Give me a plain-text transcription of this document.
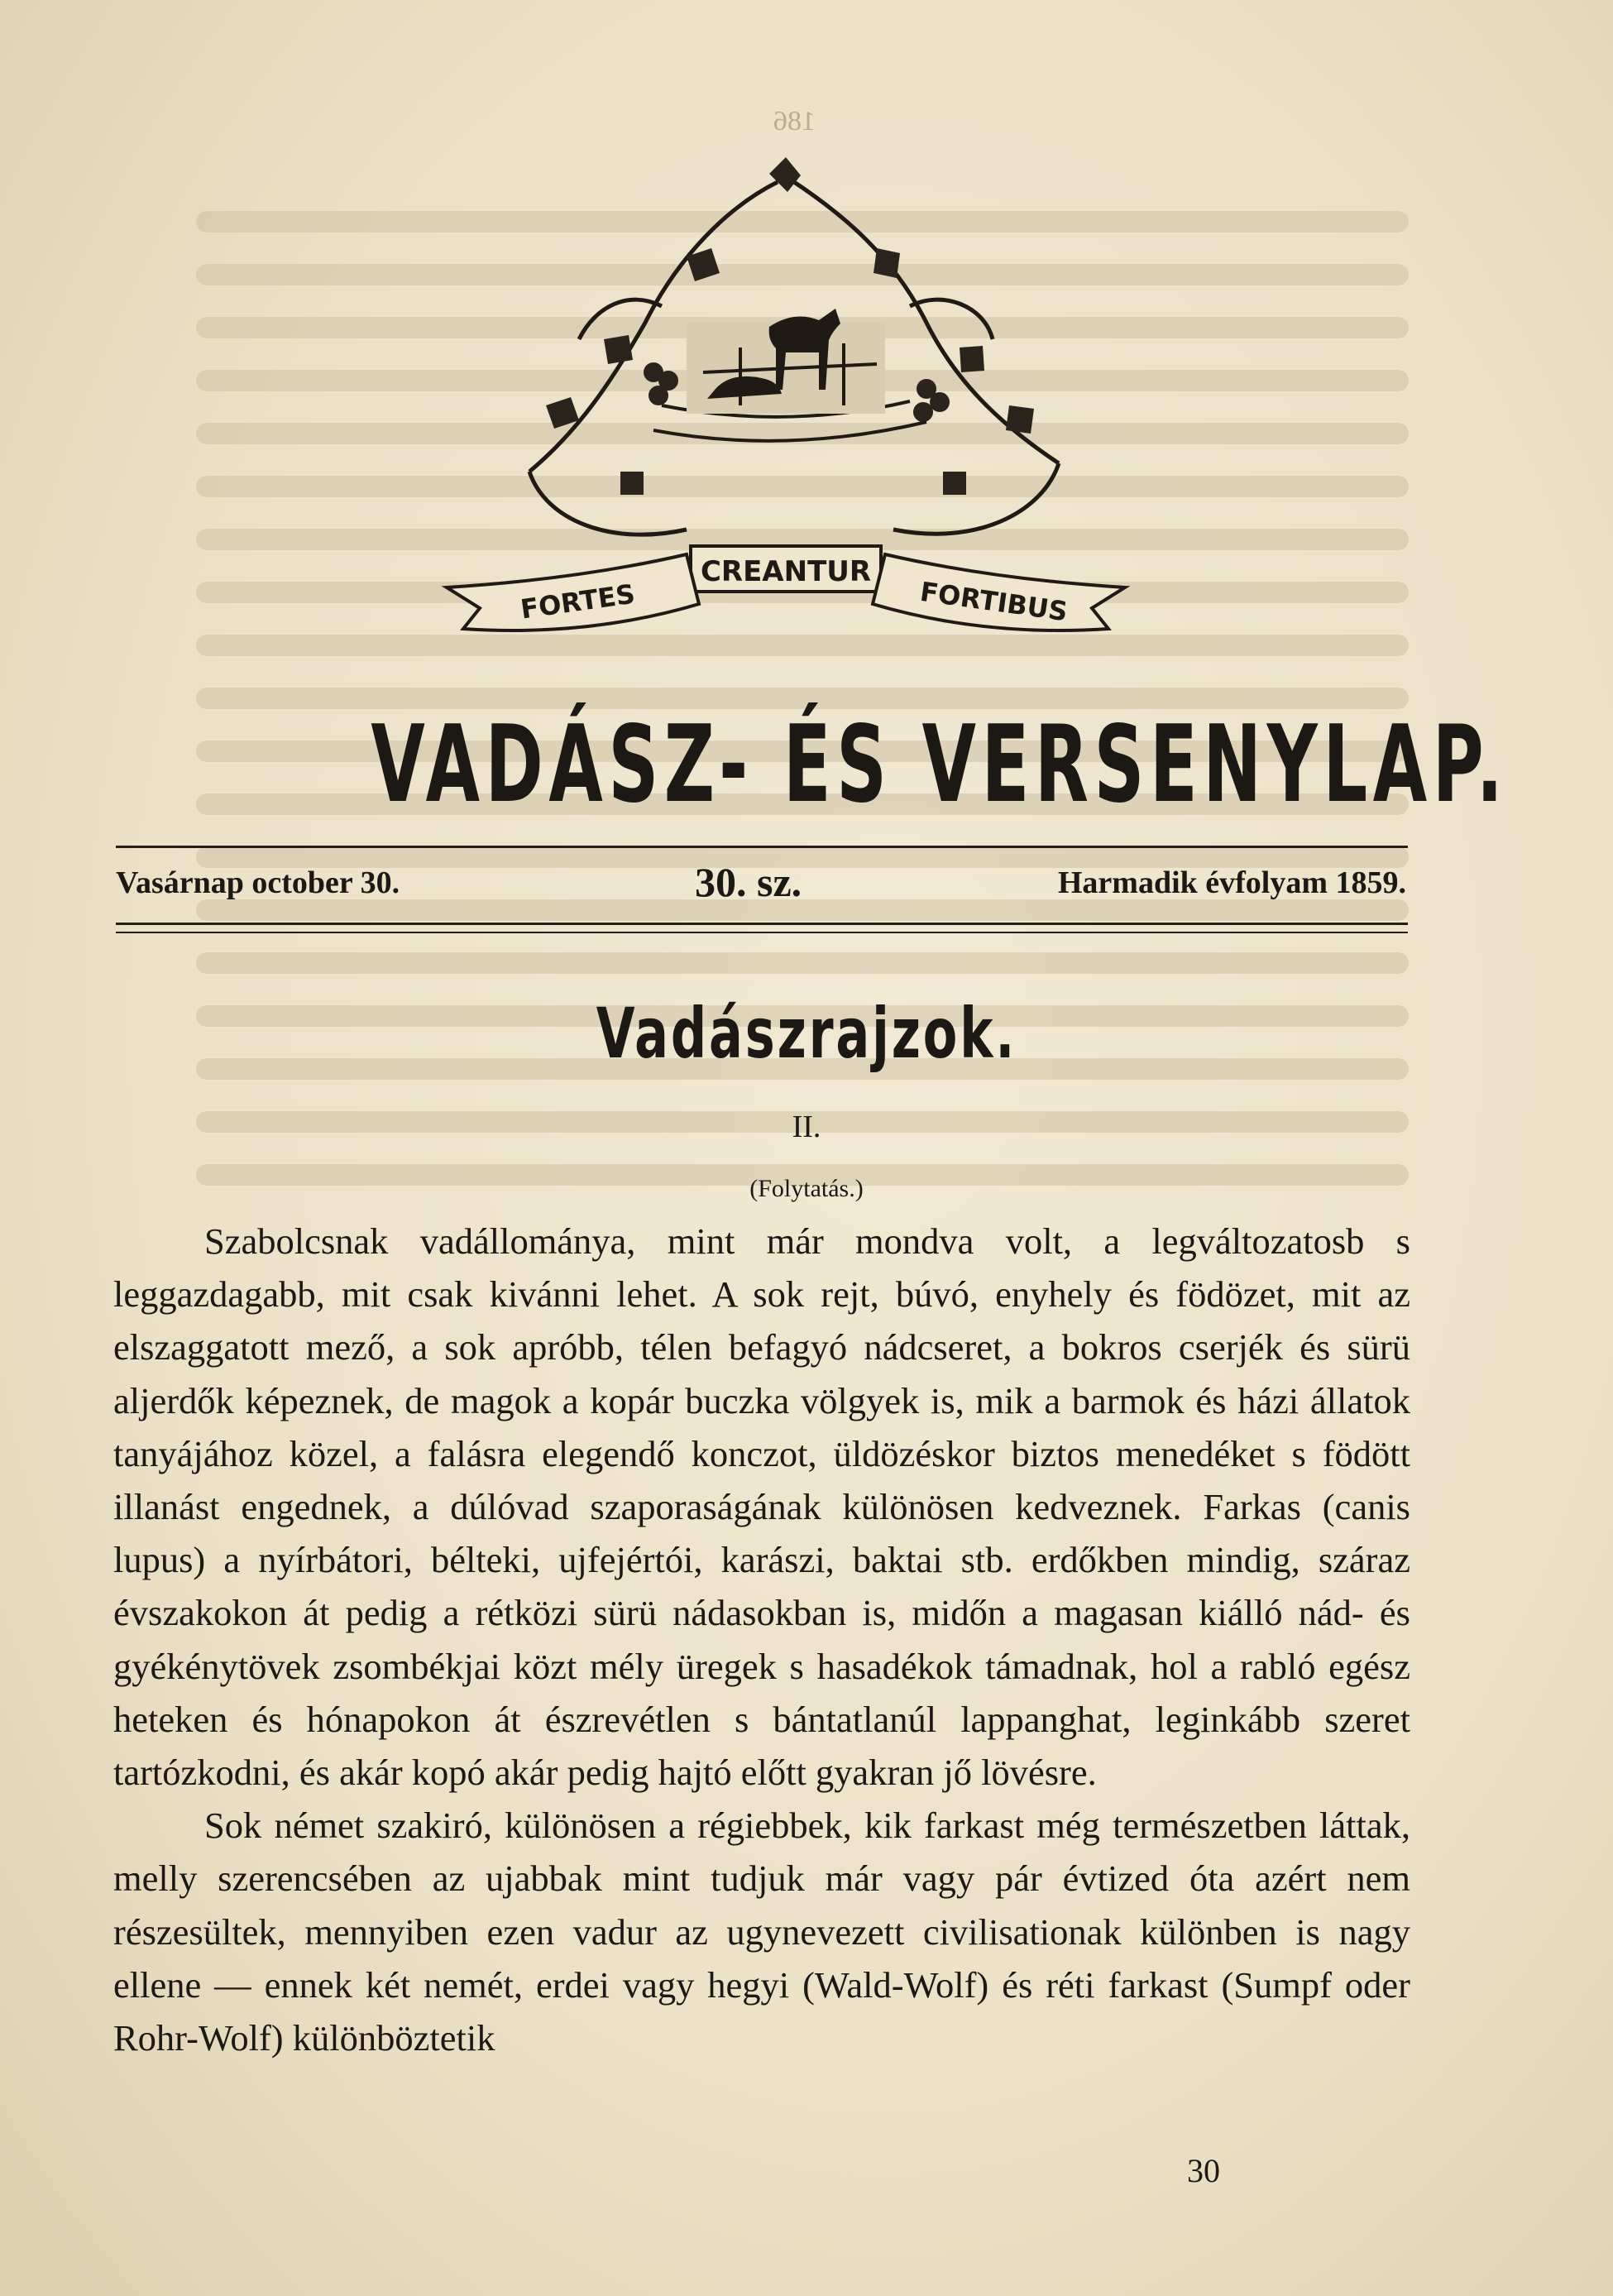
186
CREANTUR
FORTES	FORTIBUS
VADÁSZ- ÉS VERSENYLAP.
Vasárnap october 30.	30. sz.	Harmadik évfolyam 1859.
Vadászrajzok.
II.
(Folytatás.)

Szabolcsnak vadállománya, mint már mondva volt, a legváltozatosb s leggazdagabb, mit csak kivánni lehet. A sok rejt, búvó, enyhely és födözet, mit az elszaggatott mező, a sok apróbb, télen befagyó nádcseret, a bokros cserjék és sürü aljerdők képeznek, de magok a kopár buczka völgyek is, mik a barmok és házi állatok tanyájához közel, a falásra elegendő konczot, üldözéskor biztos menedéket s födött illanást engednek, a dúlóvad szaporaságának különösen kedveznek. Farkas (canis lupus) a nyírbátori, bélteki, ujfejértói, karászi, baktai stb. erdőkben mindig, száraz évszakokon át pedig a rétközi sürü nádasokban is, midőn a magasan kiálló nád- és gyékénytövek zsombékjai közt mély üregek s hasadékok támadnak, hol a rabló egész heteken és hónapokon át észrevétlen s bántatlanúl lappanghat, leginkább szeret tartózkodni, és akár kopó akár pedig hajtó előtt gyakran jő lövésre.

Sok német szakiró, különösen a régiebbek, kik farkast még természetben láttak, melly szerencsében az ujabbak mint tudjuk már vagy pár évtized óta azért nem részesültek, mennyiben ezen vadur az ugynevezett civilisationak különben is nagy ellene — ennek két nemét, erdei vagy hegyi (Wald-Wolf) és réti farkast (Sumpf oder Rohr-Wolf) különböztetik

30
